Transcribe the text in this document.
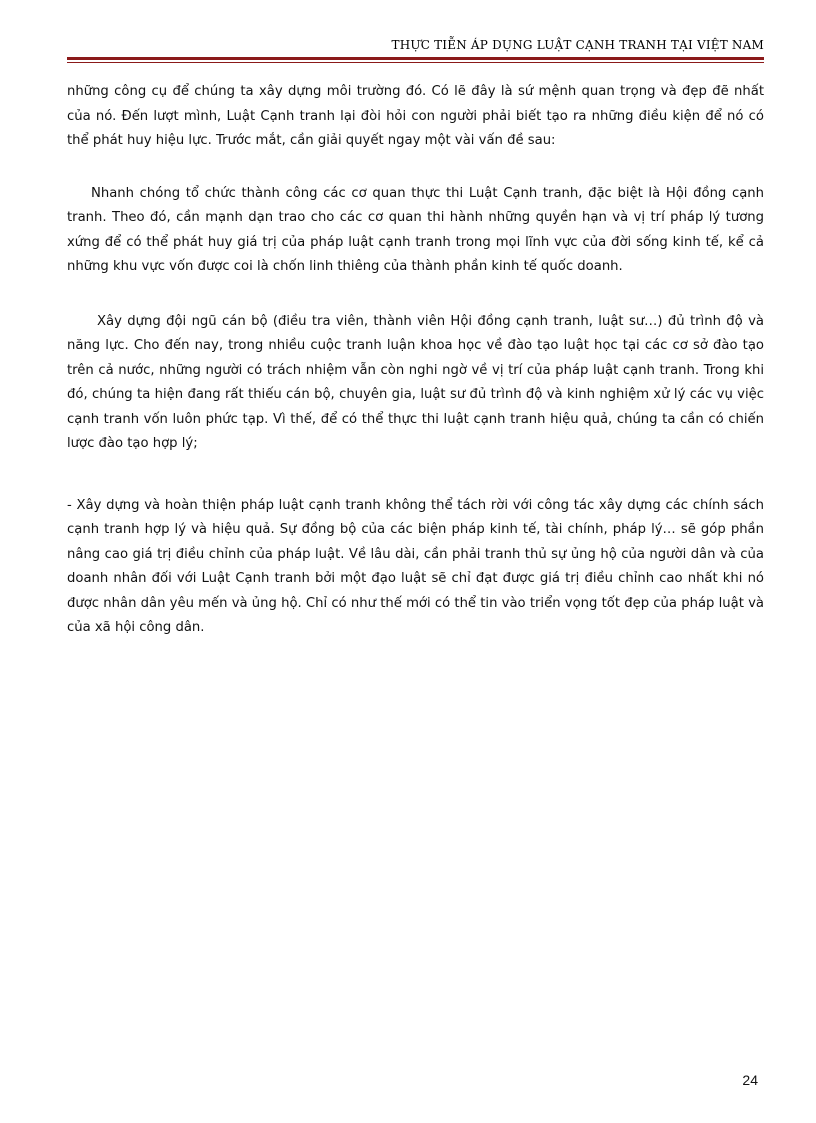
THỰC TIỄN ÁP DỤNG LUẬT CẠNH TRANH TẠI VIỆT NAM

những công cụ để chúng ta xây dựng môi trường đó. Có lẽ đây là sứ mệnh quan trọng và đẹp đẽ nhất của nó. Đến lượt mình, Luật Cạnh tranh lại đòi hỏi con người phải biết tạo ra những điều kiện để nó có thể phát huy hiệu lực. Trước mắt, cần giải quyết ngay một vài vấn đề sau:

Nhanh chóng tổ chức thành công các cơ quan thực thi Luật Cạnh tranh, đặc biệt là Hội đồng cạnh tranh. Theo đó, cần mạnh dạn trao cho các cơ quan thi hành những quyền hạn và vị trí pháp lý tương xứng để có thể phát huy giá trị của pháp luật cạnh tranh trong mọi lĩnh vực của đời sống kinh tế, kể cả những khu vực vốn được coi là chốn linh thiêng của thành phần kinh tế quốc doanh.

Xây dựng đội ngũ cán bộ (điều tra viên, thành viên Hội đồng cạnh tranh, luật sư…) đủ trình độ và năng lực. Cho đến nay, trong nhiều cuộc tranh luận khoa học về đào tạo luật học tại các cơ sở đào tạo trên cả nước, những người có trách nhiệm vẫn còn nghi ngờ về vị trí của pháp luật cạnh tranh. Trong khi đó, chúng ta hiện đang rất thiếu cán bộ, chuyên gia, luật sư đủ trình độ và kinh nghiệm xử lý các vụ việc cạnh tranh vốn luôn phức tạp. Vì thế, để có thể thực thi luật cạnh tranh hiệu quả, chúng ta cần có chiến lược đào tạo hợp lý;

- Xây dựng và hoàn thiện pháp luật cạnh tranh không thể tách rời với công tác xây dựng các chính sách cạnh tranh hợp lý và hiệu quả. Sự đồng bộ của các biện pháp kinh tế, tài chính, pháp lý… sẽ góp phần nâng cao giá trị điều chỉnh của pháp luật. Về lâu dài, cần phải tranh thủ sự ủng hộ của người dân và của doanh nhân đối với Luật Cạnh tranh bởi một đạo luật sẽ chỉ đạt được giá trị điều chỉnh cao nhất khi nó được nhân dân yêu mến và ủng hộ. Chỉ có như thế mới có thể tin vào triển vọng tốt đẹp của pháp luật và của xã hội công dân.

24
